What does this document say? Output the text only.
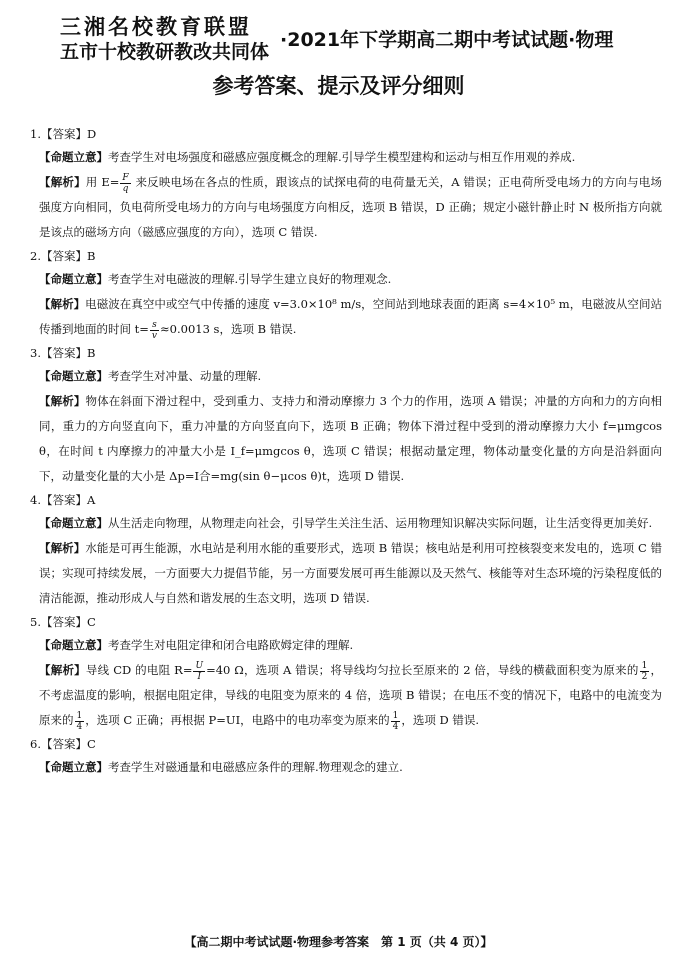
三湘名校教育联盟
五市十校教研教改共同体
·2021年下学期高二期中考试试题·物理
参考答案、提示及评分细则
1.【答案】D
【命题立意】考查学生对电场强度和磁感应强度概念的理解.引导学生模型建构和运动与相互作用观的养成.
【解析】用 $E= \frac{F}{q}$ 来反映电场在各点的性质，跟该点的试探电荷的电荷量无关，A 错误；正电荷所受电场力的方向与电场强度方向相同，负电荷所受电场力的方向与电场强度方向相反，选项 B 错误，D 正确；规定小磁针静止时 N 极所指方向就是该点的磁场方向（磁感应强度的方向），选项 C 错误.
2.【答案】B
【命题立意】考查学生对电磁波的理解.引导学生建立良好的物理观念.
【解析】电磁波在真空中或空气中传播的速度 v=3.0×10⁸ m/s，空间站到地球表面的距离 s=4×10⁵ m，电磁波从空间站传播到地面的时间 $t= \frac{s}{v} \approx 0.0013$ s，选项 B 错误.
3.【答案】B
【命题立意】考查学生对冲量、动量的理解.
【解析】物体在斜面下滑过程中，受到重力、支持力和滑动摩擦力 3 个力的作用，选项 A 错误；冲量的方向和力的方向相同，重力的方向竖直向下，重力冲量的方向竖直向下，选项 B 正确；物体下滑过程中受到的滑动摩擦力大小 f=μmgcos θ，在时间 t 内摩擦力的冲量大小是 I_f=μmgcos θ，选项 C 错误；根据动量定理，物体动量变化量的方向是沿斜面向下，动量变化量的大小是 Δp=I合=mg(sin θ−μcos θ)t，选项 D 错误.
4.【答案】A
【命题立意】从生活走向物理，从物理走向社会，引导学生关注生活、运用物理知识解决实际问题，让生活变得更加美好.
【解析】水能是可再生能源，水电站是利用水能的重要形式，选项 B 错误；核电站是利用可控核裂变来发电的，选项 C 错误；实现可持续发展，一方面要大力提倡节能，另一方面要发展可再生能源以及天然气、核能等对生态环境的污染程度低的清洁能源，推动形成人与自然和谐发展的生态文明，选项 D 错误.
5.【答案】C
【命题立意】考查学生对电阻定律和闭合电路欧姆定律的理解.
【解析】导线 CD 的电阻 $R= \frac{U}{I} =40$ Ω，选项 A 错误；将导线均匀拉长至原来的 2 倍，导线的横截面积变为原来的 $\frac{1}{2}$ ，不考虑温度的影响，根据电阻定律，导线的电阻变为原来的 4 倍，选项 B 错误；在电压不变的情况下，电路中的电流变为原来的 $\frac{1}{4}$ ，选项 C 正确；再根据 P=UI，电路中的电功率变为原来的 $\frac{1}{4}$ ，选项 D 错误.
6.【答案】C
【命题立意】考查学生对磁通量和电磁感应条件的理解.物理观念的建立.
【高二期中考试试题·物理参考答案　第 1 页（共 4 页）】
